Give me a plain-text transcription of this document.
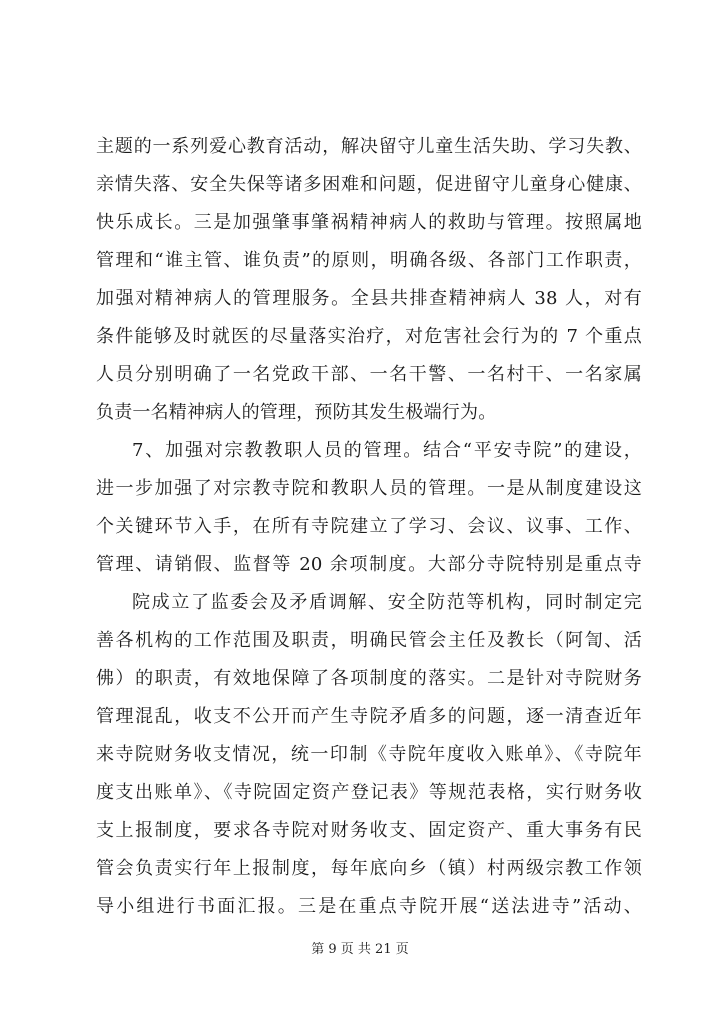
主题的一系列爱心教育活动，解决留守儿童生活失助、学习失教、
亲情失落、安全失保等诸多困难和问题，促进留守儿童身心健康、
快乐成长。三是加强肇事肇祸精神病人的救助与管理。按照属地
管理和“谁主管、谁负责”的原则，明确各级、各部门工作职责，
加强对精神病人的管理服务。全县共排查精神病人 38 人，对有
条件能够及时就医的尽量落实治疗，对危害社会行为的 7 个重点
人员分别明确了一名党政干部、一名干警、一名村干、一名家属
负责一名精神病人的管理，预防其发生极端行为。
7、加强对宗教教职人员的管理。结合“平安寺院”的建设，
进一步加强了对宗教寺院和教职人员的管理。一是从制度建设这
个关键环节入手，在所有寺院建立了学习、会议、议事、工作、
管理、请销假、监督等 20 余项制度。大部分寺院特别是重点寺
院成立了监委会及矛盾调解、安全防范等机构，同时制定完
善各机构的工作范围及职责，明确民管会主任及教长（阿訇、活
佛）的职责，有效地保障了各项制度的落实。二是针对寺院财务
管理混乱，收支不公开而产生寺院矛盾多的问题，逐一清查近年
来寺院财务收支情况，统一印制《寺院年度收入账单》、《寺院年
度支出账单》、《寺院固定资产登记表》等规范表格，实行财务收
支上报制度，要求各寺院对财务收支、固定资产、重大事务有民
管会负责实行年上报制度，每年底向乡（镇）村两级宗教工作领
导小组进行书面汇报。三是在重点寺院开展“送法进寺”活动、
第 9 页 共 21 页
